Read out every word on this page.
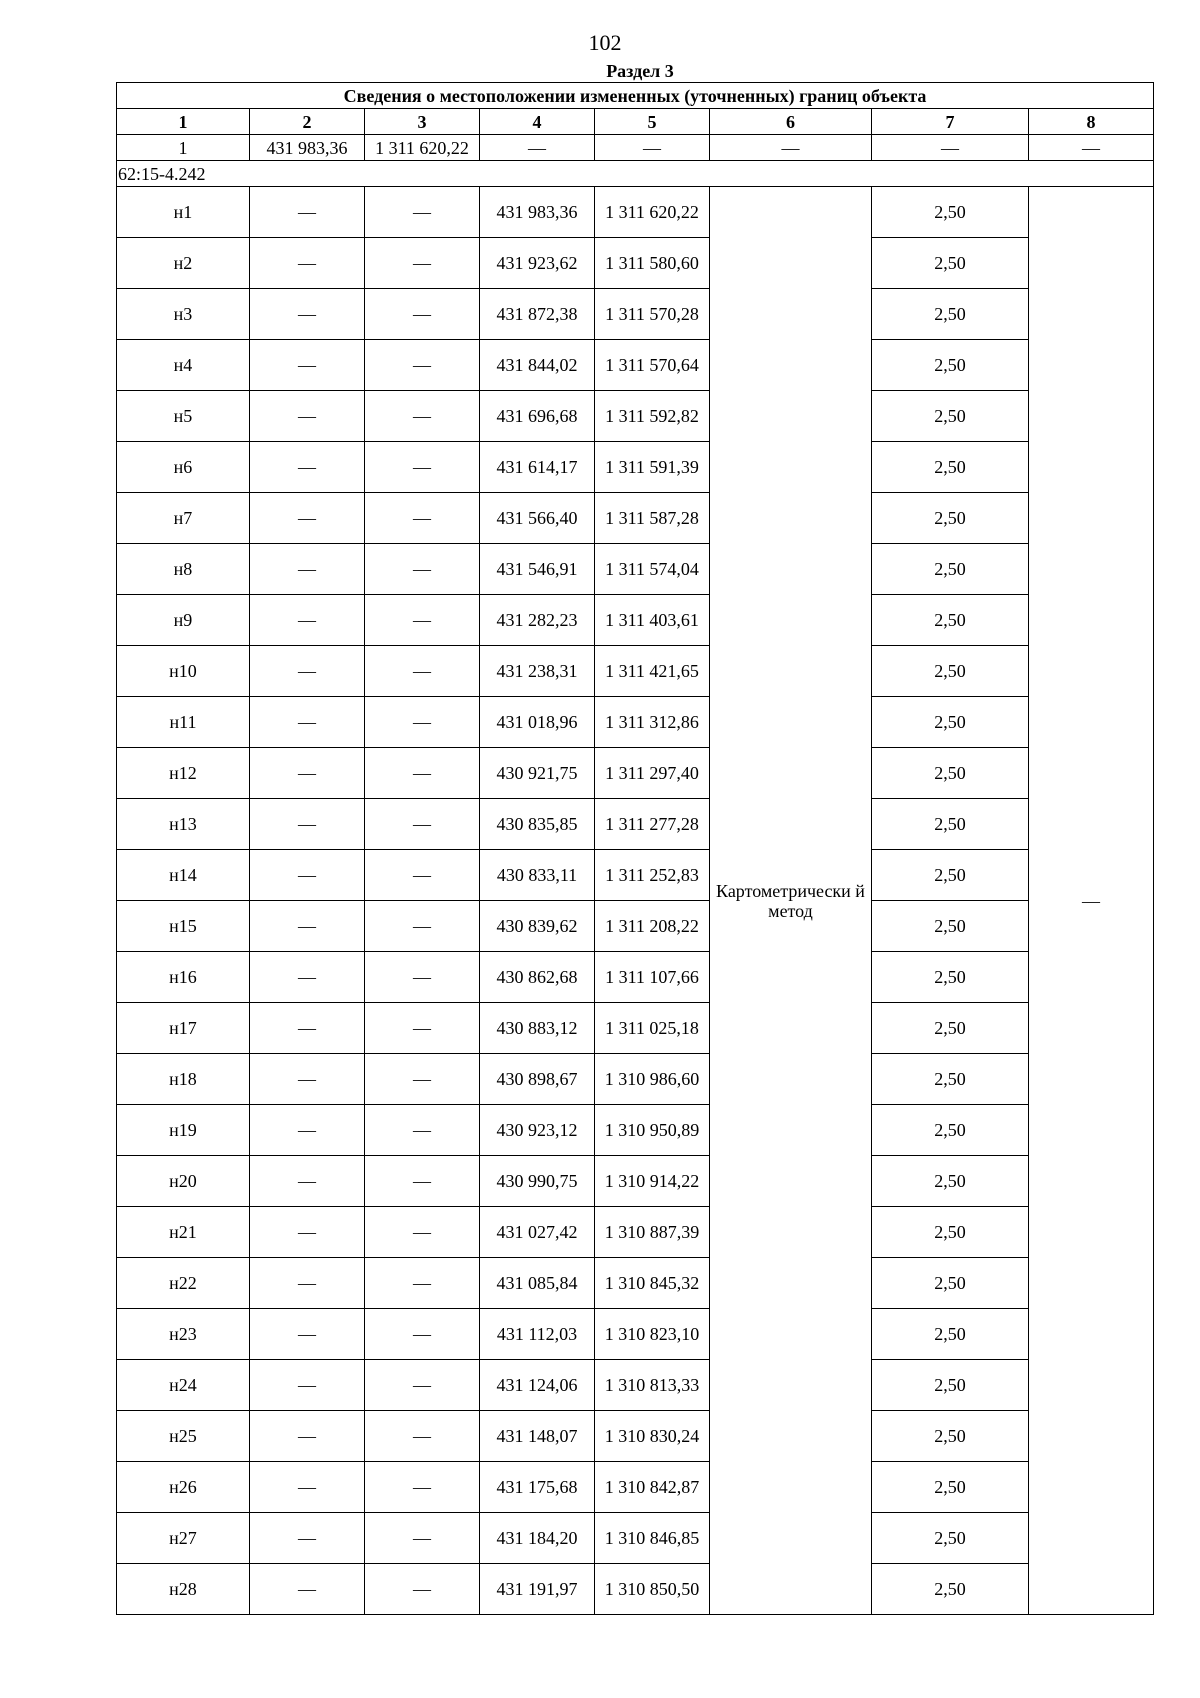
102
Раздел 3
Сведения о местоположении измененных (уточненных) границ объекта							
1	2	3	4	5	6	7	8
1	431 983,36	1 311 620,22	—	—	—	—	—
62:15-4.242							
н1	—	—	431 983,36	1 311 620,22	Картометрически й метод	2,50	—
н2	—	—	431 923,62	1 311 580,60		2,50	
н3	—	—	431 872,38	1 311 570,28		2,50	
н4	—	—	431 844,02	1 311 570,64		2,50	
н5	—	—	431 696,68	1 311 592,82		2,50	
н6	—	—	431 614,17	1 311 591,39		2,50	
н7	—	—	431 566,40	1 311 587,28		2,50	
н8	—	—	431 546,91	1 311 574,04		2,50	
н9	—	—	431 282,23	1 311 403,61		2,50	
н10	—	—	431 238,31	1 311 421,65		2,50	
н11	—	—	431 018,96	1 311 312,86		2,50	
н12	—	—	430 921,75	1 311 297,40		2,50	
н13	—	—	430 835,85	1 311 277,28		2,50	
н14	—	—	430 833,11	1 311 252,83		2,50	
н15	—	—	430 839,62	1 311 208,22		2,50	
н16	—	—	430 862,68	1 311 107,66		2,50	
н17	—	—	430 883,12	1 311 025,18		2,50	
н18	—	—	430 898,67	1 310 986,60		2,50	
н19	—	—	430 923,12	1 310 950,89		2,50	
н20	—	—	430 990,75	1 310 914,22		2,50	
н21	—	—	431 027,42	1 310 887,39		2,50	
н22	—	—	431 085,84	1 310 845,32		2,50	
н23	—	—	431 112,03	1 310 823,10		2,50	
н24	—	—	431 124,06	1 310 813,33		2,50	
н25	—	—	431 148,07	1 310 830,24		2,50	
н26	—	—	431 175,68	1 310 842,87		2,50	
н27	—	—	431 184,20	1 310 846,85		2,50	
н28	—	—	431 191,97	1 310 850,50		2,50	
